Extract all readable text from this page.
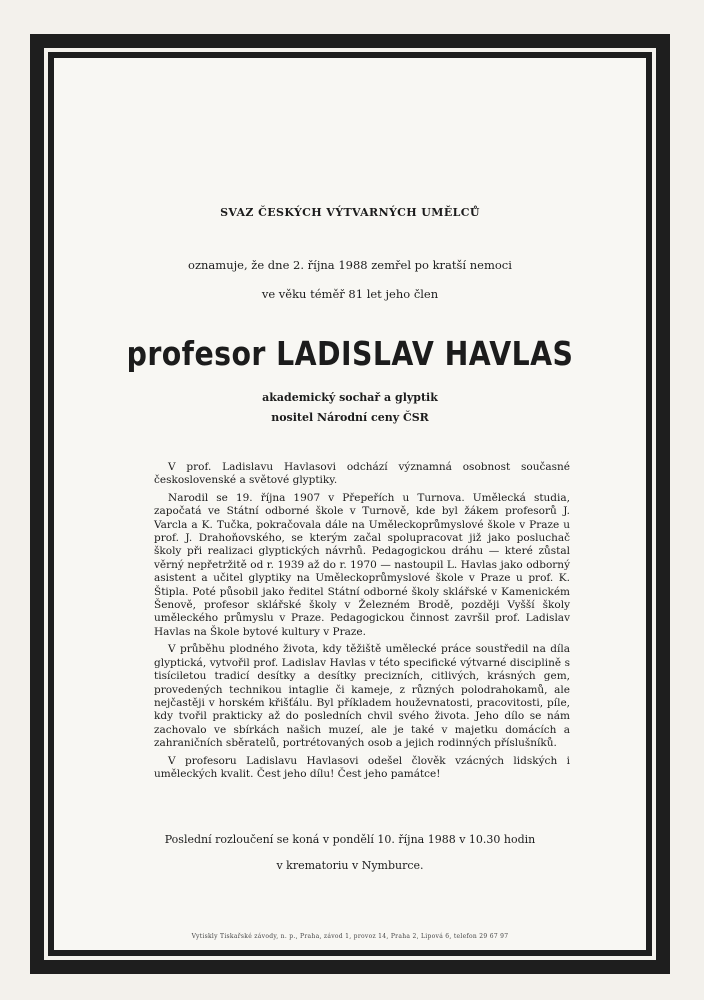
SVAZ ČESKÝCH VÝTVARNÝCH UMĚLCŮ
oznamuje, že dne 2. října 1988 zemřel po kratší nemoci
ve věku téměř 81 let jeho člen
profesor LADISLAV HAVLAS
akademický sochař a glyptik
nositel Národní ceny ČSR

V prof. Ladislavu Havlasovi odchází významná osobnost současné československé a světové glyptiky.

Narodil se 19. října 1907 v Přepeřích u Turnova. Umělecká studia, započatá ve Státní odborné škole v Turnově, kde byl žákem profesorů J. Varcla a K. Tučka, pokračovala dále na Uměleckoprůmyslové škole v Praze u prof. J. Drahoňovského, se kterým začal spolupracovat již jako posluchač školy při realizaci glyptických návrhů. Pedagogickou dráhu — které zůstal věrný nepřetržitě od r. 1939 až do r. 1970 — nastoupil L. Havlas jako odborný asistent a učitel glyptiky na Uměleckoprůmyslové škole v Praze u prof. K. Štipla. Poté působil jako ředitel Státní odborné školy sklářské v Kamenickém Šenově, profesor sklářské školy v Železném Brodě, později Vyšší školy uměleckého průmyslu v Praze. Pedagogickou činnost završil prof. Ladislav Havlas na Škole bytové kultury v Praze.

V průběhu plodného života, kdy těžiště umělecké práce soustředil na díla glyptická, vytvořil prof. Ladislav Havlas v této specifické výtvarné disciplině s tisíciletou tradicí desítky a desítky precizních, citlivých, krásných gem, provedených technikou intaglie či kameje, z různých polodrahokamů, ale nejčastěji v horském křišťálu. Byl příkladem houževnatosti, pracovitosti, píle, kdy tvořil prakticky až do posledních chvil svého života. Jeho dílo se nám zachovalo ve sbírkách našich muzeí, ale je také v majetku domácích a zahraničních sběratelů, portrétovaných osob a jejich rodinných příslušníků.

V profesoru Ladislavu Havlasovi odešel člověk vzácných lidských i uměleckých kvalit. Čest jeho dílu! Čest jeho památce!

Poslední rozloučení se koná v pondělí 10. října 1988 v 10.30 hodin
v krematoriu v Nymburce.
Vytiskly Tiskařské závody, n. p., Praha, závod 1, provoz 14, Praha 2, Lipová 6, telefon 29 67 97
